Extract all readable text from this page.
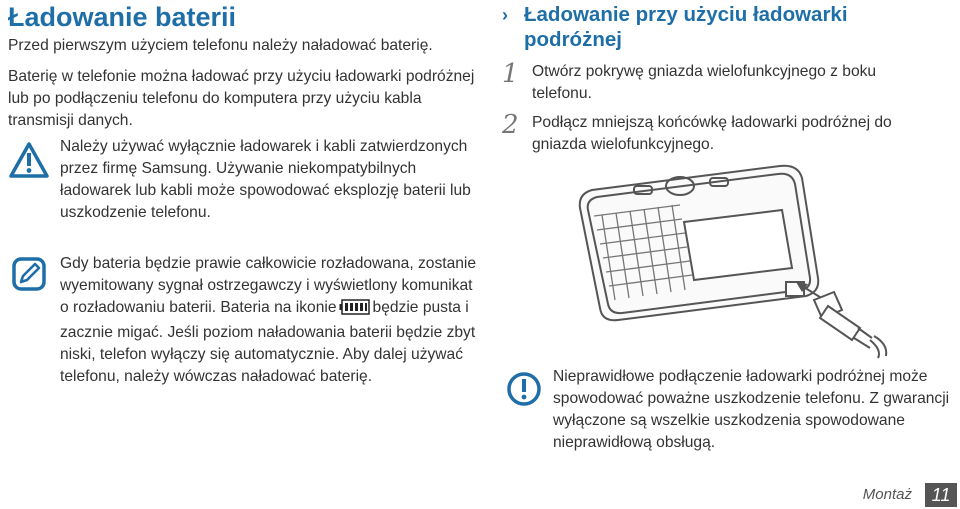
Ładowanie baterii
Przed pierwszym użyciem telefonu należy naładować baterię.
Baterię w telefonie można ładować przy użyciu ładowarki podróżnej lub po podłączeniu telefonu do komputera przy użyciu kabla transmisji danych.
Należy używać wyłącznie ładowarek i kabli zatwierdzonych przez firmę Samsung. Używanie niekompatybilnych ładowarek lub kabli może spowodować eksplozję baterii lub uszkodzenie telefonu.
Gdy bateria będzie prawie całkowicie rozładowana, zostanie wyemitowany sygnał ostrzegawczy i wyświetlony komunikat o rozładowaniu baterii. Bateria na ikonie będzie pusta i zacznie migać. Jeśli poziom naładowania baterii będzie zbyt niski, telefon wyłączy się automatycznie. Aby dalej używać telefonu, należy wówczas naładować baterię.
› Ładowanie przy użyciu ładowarki podróżnej
1 Otwórz pokrywę gniazda wielofunkcyjnego z boku telefonu.
2 Podłącz mniejszą końcówkę ładowarki podróżnej do gniazda wielofunkcyjnego.
Nieprawidłowe podłączenie ładowarki podróżnej może spowodować poważne uszkodzenie telefonu. Z gwarancji wyłączone są wszelkie uszkodzenia spowodowane nieprawidłową obsługą.
Montaż	11
